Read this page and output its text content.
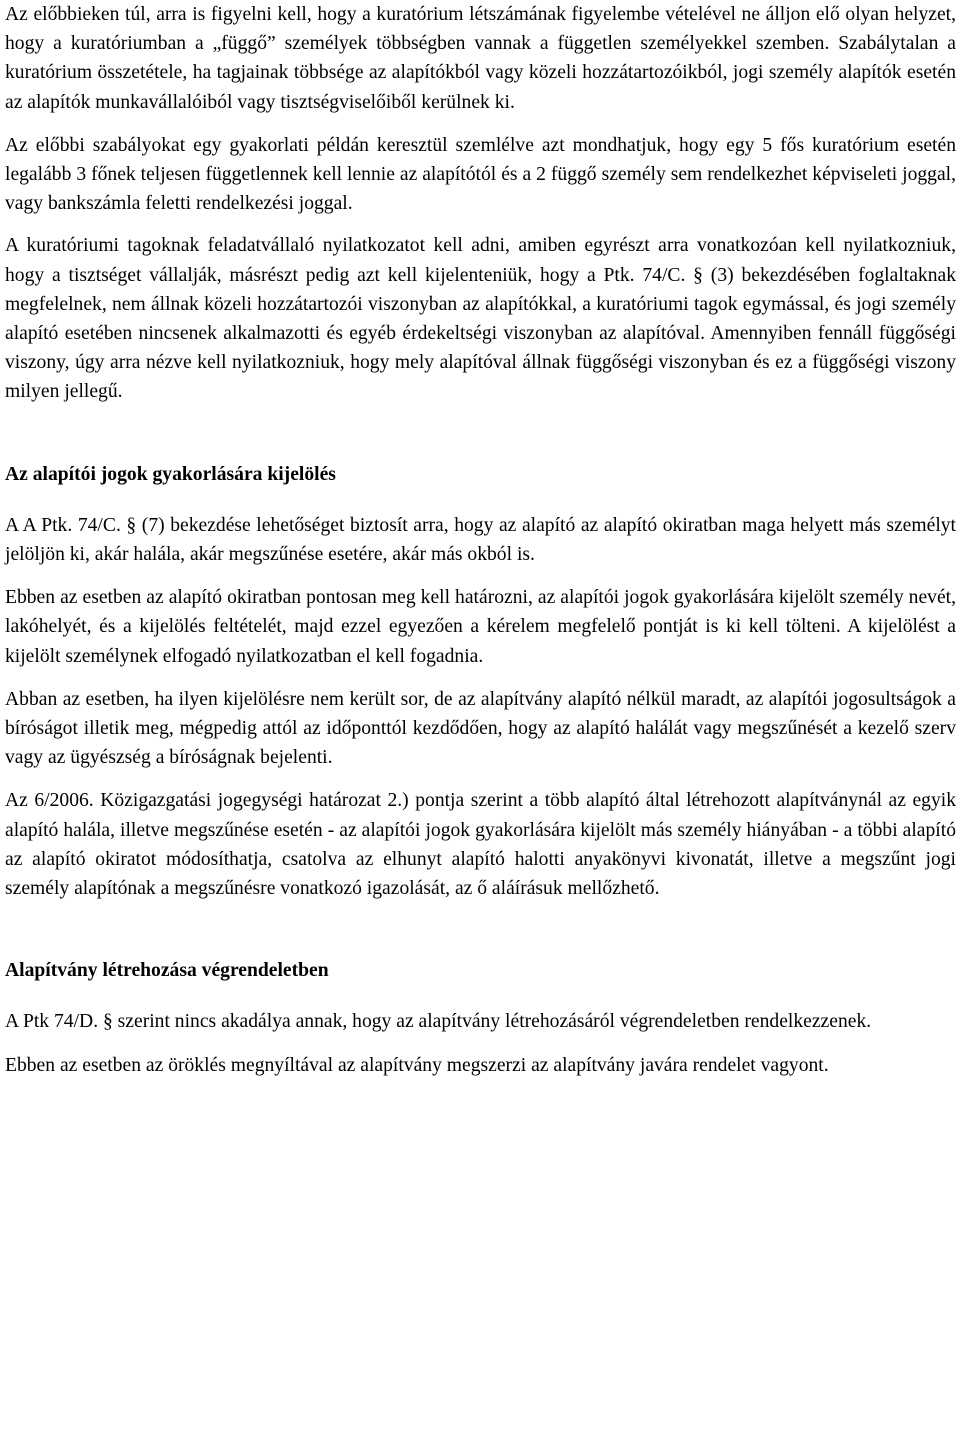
Az előbbieken túl, arra is figyelni kell, hogy a kuratórium létszámának figyelembe vételével ne álljon elő olyan helyzet, hogy a kuratóriumban a „függő” személyek többségben vannak a független személyekkel szemben. Szabálytalan a kuratórium összetétele, ha tagjainak többsége az alapítókból vagy közeli hozzátartozóikból, jogi személy alapítók esetén az alapítók munkavállalóiból vagy tisztségviselőiből kerülnek ki.

Az előbbi szabályokat egy gyakorlati példán keresztül szemlélve azt mondhatjuk, hogy egy 5 fős kuratórium esetén legalább 3 főnek teljesen függetlennek kell lennie az alapítótól és a 2 függő személy sem rendelkezhet képviseleti joggal, vagy bankszámla feletti rendelkezési joggal.

A kuratóriumi tagoknak feladatvállaló nyilatkozatot kell adni, amiben egyrészt arra vonatkozóan kell nyilatkozniuk, hogy a tisztséget vállalják, másrészt pedig azt kell kijelenteniük, hogy a Ptk. 74/C. § (3) bekezdésében foglaltaknak megfelelnek, nem állnak közeli hozzátartozói viszonyban az alapítókkal, a kuratóriumi tagok egymással, és jogi személy alapító esetében nincsenek alkalmazotti és egyéb érdekeltségi viszonyban az alapítóval. Amennyiben fennáll függőségi viszony, úgy arra nézve kell nyilatkozniuk, hogy mely alapítóval állnak függőségi viszonyban és ez a függőségi viszony milyen jellegű.

Az alapítói jogok gyakorlására kijelölés

A A Ptk. 74/C. § (7) bekezdése lehetőséget biztosít arra, hogy az alapító az alapító okiratban maga helyett más személyt jelöljön ki, akár halála, akár megszűnése esetére, akár más okból is.

Ebben az esetben az alapító okiratban pontosan meg kell határozni, az alapítói jogok gyakorlására kijelölt személy nevét, lakóhelyét, és a kijelölés feltételét, majd ezzel egyezően a kérelem megfelelő pontját is ki kell tölteni. A kijelölést a kijelölt személynek elfogadó nyilatkozatban el kell fogadnia.

Abban az esetben, ha ilyen kijelölésre nem került sor, de az alapítvány alapító nélkül maradt, az alapítói jogosultságok a bíróságot illetik meg, mégpedig attól az időponttól kezdődően, hogy az alapító halálát vagy megszűnését a kezelő szerv vagy az ügyészség a bíróságnak bejelenti.

Az 6/2006. Közigazgatási jogegységi határozat 2.) pontja szerint a több alapító által létrehozott alapítványnál az egyik alapító halála, illetve megszűnése esetén - az alapítói jogok gyakorlására kijelölt más személy hiányában - a többi alapító az alapító okiratot módosíthatja, csatolva az elhunyt alapító halotti anyakönyvi kivonatát, illetve a megszűnt jogi személy alapítónak a megszűnésre vonatkozó igazolását, az ő aláírásuk mellőzhető.

Alapítvány létrehozása végrendeletben

A Ptk 74/D. § szerint nincs akadálya annak, hogy az alapítvány létrehozásáról végrendeletben rendelkezzenek.

Ebben az esetben az öröklés megnyíltával az alapítvány megszerzi az alapítvány javára rendelet vagyont.
